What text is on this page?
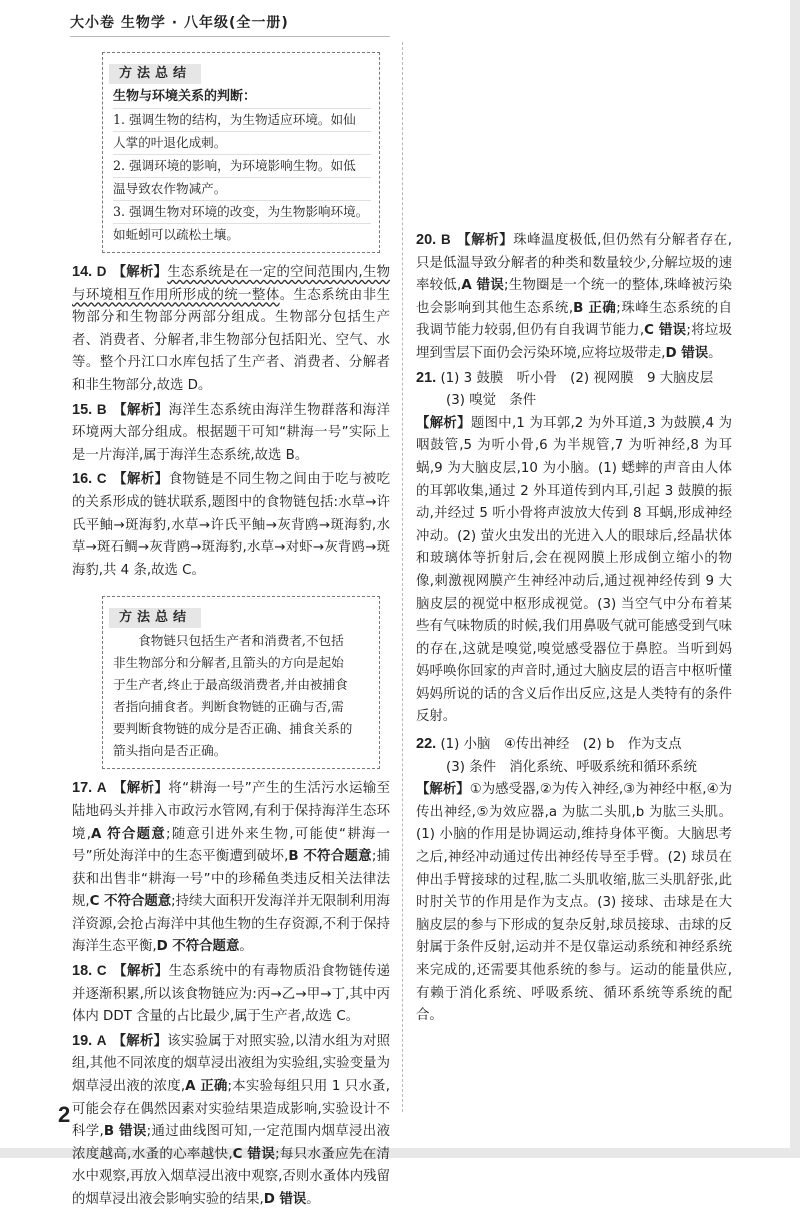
大小卷 生物学 · 八年级(全一册)
方法总结

生物与环境关系的判断：

1. 强调生物的结构，为生物适应环境。如仙

人掌的叶退化成刺。

2. 强调环境的影响，为环境影响生物。如低

温导致农作物减产。

3. 强调生物对环境的改变，为生物影响环境。

如蚯蚓可以疏松土壤。

14. D 【解析】生态系统是在一定的空间范围内,生物与环境相互作用所形成的统一整体。生态系统由非生物部分和生物部分两部分组成。生物部分包括生产者、消费者、分解者,非生物部分包括阳光、空气、水等。整个丹江口水库包括了生产者、消费者、分解者和非生物部分,故选 D。

15. B 【解析】海洋生态系统由海洋生物群落和海洋环境两大部分组成。根据题干可知“耕海一号”实际上是一片海洋,属于海洋生态系统,故选 B。

16. C 【解析】食物链是不同生物之间由于吃与被吃的关系形成的链状联系,题图中的食物链包括:水草→许氏平鲉→斑海豹,水草→许氏平鲉→灰背鸥→斑海豹,水草→斑石鲷→灰背鸥→斑海豹,水草→对虾→灰背鸥→斑海豹,共 4 条,故选 C。

方法总结

食物链只包括生产者和消费者,不包括

非生物部分和分解者,且箭头的方向是起始

于生产者,终止于最高级消费者,并由被捕食

者指向捕食者。判断食物链的正确与否,需

要判断食物链的成分是否正确、捕食关系的

箭头指向是否正确。

17. A 【解析】将“耕海一号”产生的生活污水运输至陆地码头并排入市政污水管网,有利于保持海洋生态环境,A 符合题意;随意引进外来生物,可能使“耕海一号”所处海洋中的生态平衡遭到破坏,B 不符合题意;捕获和出售非“耕海一号”中的珍稀鱼类违反相关法律法规,C 不符合题意;持续大面积开发海洋并无限制利用海洋资源,会抢占海洋中其他生物的生存资源,不利于保持海洋生态平衡,D 不符合题意。

18. C 【解析】生态系统中的有毒物质沿食物链传递并逐渐积累,所以该食物链应为:丙→乙→甲→丁,其中丙体内 DDT 含量的占比最少,属于生产者,故选 C。

19. A 【解析】该实验属于对照实验,以清水组为对照组,其他不同浓度的烟草浸出液组为实验组,实验变量为烟草浸出液的浓度,A 正确;本实验每组只用 1 只水蚤,可能会存在偶然因素对实验结果造成影响,实验设计不科学,B 错误;通过曲线图可知,一定范围内烟草浸出液浓度越高,水蚤的心率越快,C 错误;每只水蚤应先在清水中观察,再放入烟草浸出液中观察,否则水蚤体内残留的烟草浸出液会影响实验的结果,D 错误。

20. B 【解析】珠峰温度极低,但仍然有分解者存在,只是低温导致分解者的种类和数量较少,分解垃圾的速率较低,A 错误;生物圈是一个统一的整体,珠峰被污染也会影响到其他生态系统,B 正确;珠峰生态系统的自我调节能力较弱,但仍有自我调节能力,C 错误;将垃圾埋到雪层下面仍会污染环境,应将垃圾带走,D 错误。

21. (1) 3 鼓膜　听小骨　(2) 视网膜　9 大脑皮层

(3) 嗅觉　条件

【解析】题图中,1 为耳郭,2 为外耳道,3 为鼓膜,4 为咽鼓管,5 为听小骨,6 为半规管,7 为听神经,8 为耳蜗,9 为大脑皮层,10 为小脑。(1) 蟋蟀的声音由人体的耳郭收集,通过 2 外耳道传到内耳,引起 3 鼓膜的振动,并经过 5 听小骨将声波放大传到 8 耳蜗,形成神经冲动。(2) 萤火虫发出的光进入人的眼球后,经晶状体和玻璃体等折射后,会在视网膜上形成倒立缩小的物像,刺激视网膜产生神经冲动后,通过视神经传到 9 大脑皮层的视觉中枢形成视觉。(3) 当空气中分布着某些有气味物质的时候,我们用鼻吸气就可能感受到气味的存在,这就是嗅觉,嗅觉感受器位于鼻腔。当听到妈妈呼唤你回家的声音时,通过大脑皮层的语言中枢听懂妈妈所说的话的含义后作出反应,这是人类特有的条件反射。

22. (1) 小脑　④传出神经　(2) b　作为支点

(3) 条件　消化系统、呼吸系统和循环系统

【解析】①为感受器,②为传入神经,③为神经中枢,④为传出神经,⑤为效应器,a 为肱二头肌,b 为肱三头肌。(1) 小脑的作用是协调运动,维持身体平衡。大脑思考之后,神经冲动通过传出神经传导至手臂。(2) 球员在伸出手臂接球的过程,肱二头肌收缩,肱三头肌舒张,此时肘关节的作用是作为支点。(3) 接球、击球是在大脑皮层的参与下形成的复杂反射,球员接球、击球的反射属于条件反射,运动并不是仅靠运动系统和神经系统来完成的,还需要其他系统的参与。运动的能量供应,有赖于消化系统、呼吸系统、循环系统等系统的配合。

2
